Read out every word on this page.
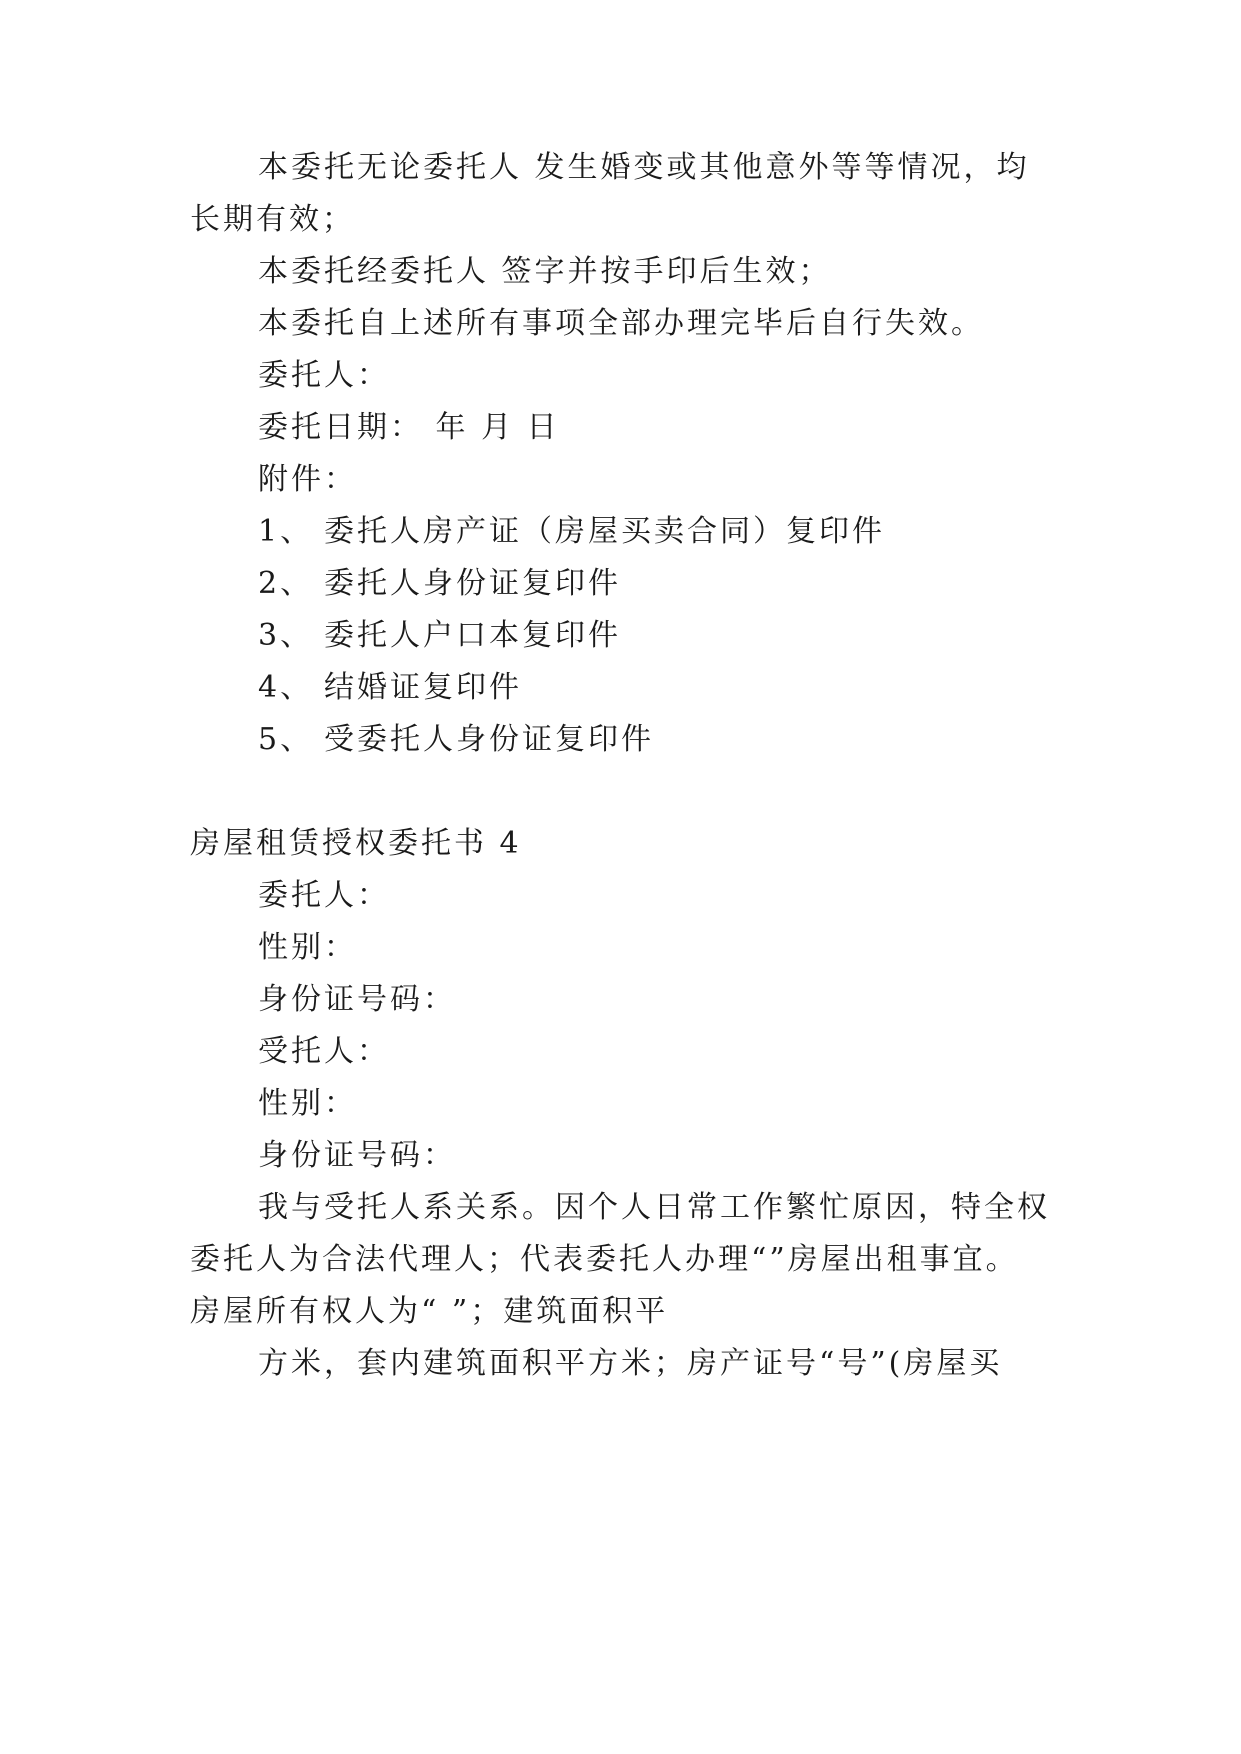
本委托无论委托人 发生婚变或其他意外等等情况，均
长期有效；
本委托经委托人 签字并按手印后生效；
本委托自上述所有事项全部办理完毕后自行失效。
委托人：
委托日期： 年 月 日
附件：
1、 委托人房产证（房屋买卖合同）复印件
2、 委托人身份证复印件
3、 委托人户口本复印件
4、 结婚证复印件
5、 受委托人身份证复印件
房屋租赁授权委托书 4
委托人：
性别：
身份证号码：
受托人：
性别：
身份证号码：
我与受托人系关系。因个人日常工作繁忙原因，特全权
委托人为合法代理人；代表委托人办理“”房屋出租事宜。
房屋所有权人为“ ”；建筑面积平
方米，套内建筑面积平方米；房产证号“号”(房屋买
